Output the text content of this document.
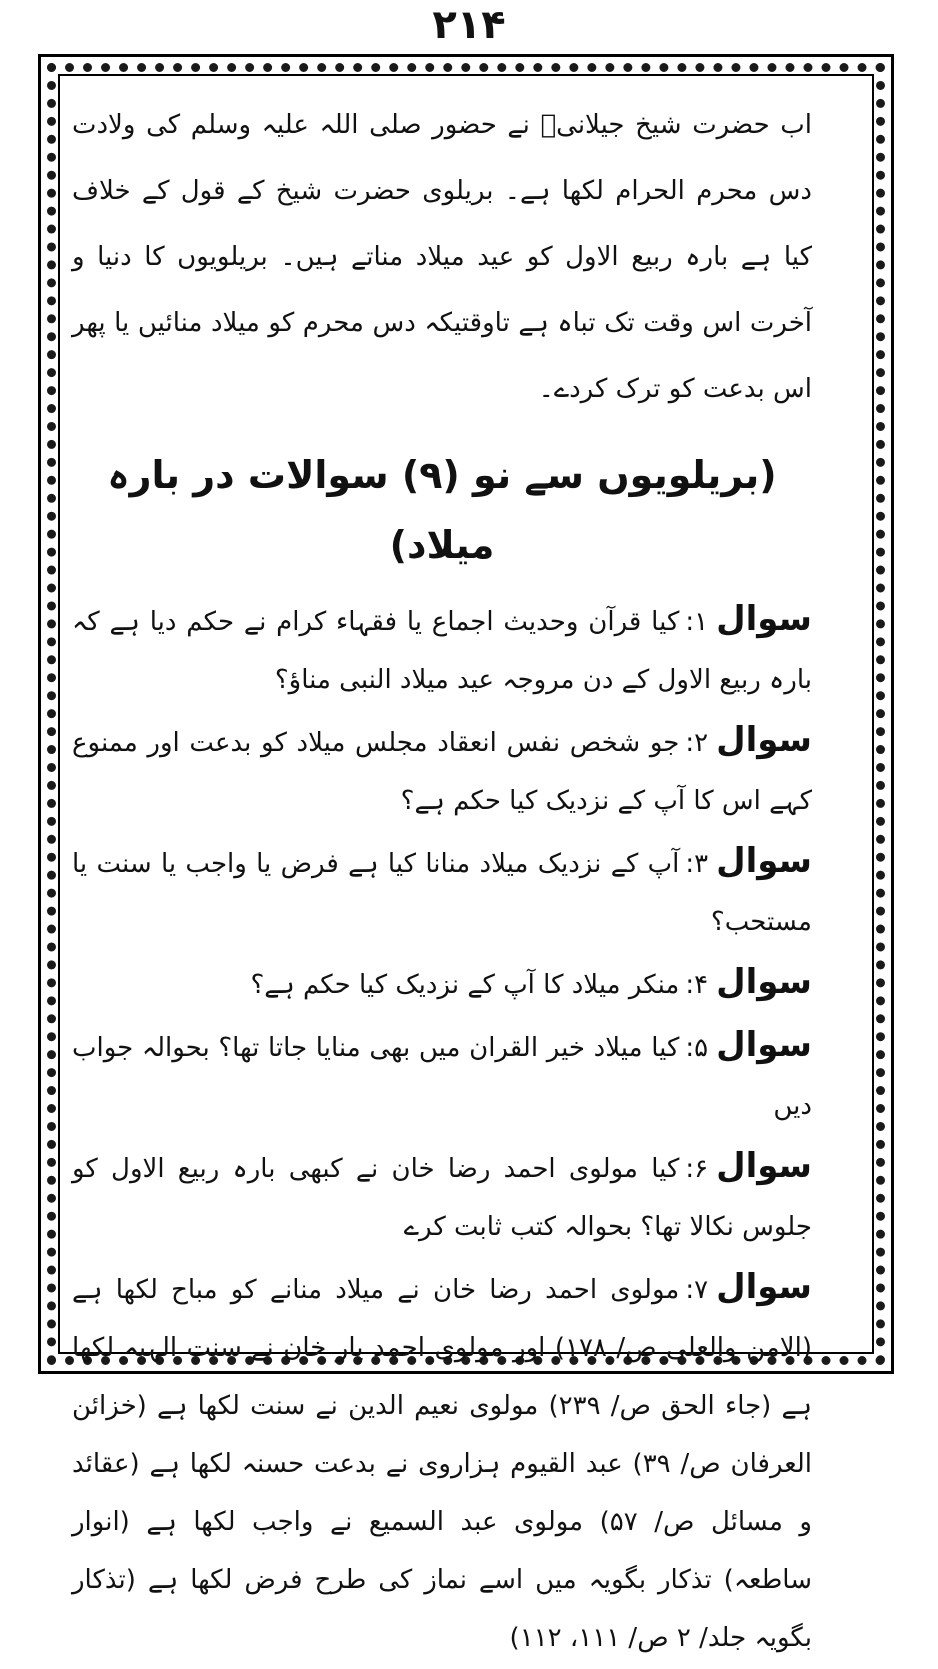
۲۱۴

اب حضرت شیخ جیلانیؒ نے حضور صلی اللہ علیہ وسلم کی ولادت دس محرم الحرام لکھا ہے۔ بریلوی حضرت شیخ کے قول کے خلاف کیا ہے بارہ ربیع الاول کو عید میلاد مناتے ہیں۔ بریلویوں کا دنیا و آخرت اس وقت تک تباہ ہے تاوقتیکہ دس محرم کو میلاد منائیں یا پھر اس بدعت کو ترک کردے۔

(بریلویوں سے نو (۹) سوالات در بارہ میلاد)
سوال۱:کیا قرآن وحدیث اجماع یا فقہاء کرام نے حکم دیا ہے کہ بارہ ربیع الاول کے دن مروجہ عید میلاد النبی مناؤ؟
سوال۲:جو شخص نفس انعقاد مجلس میلاد کو بدعت اور ممنوع کہے اس کا آپ کے نزدیک کیا حکم ہے؟
سوال۳:آپ کے نزدیک میلاد منانا کیا ہے فرض یا واجب یا سنت یا مستحب؟
سوال۴:منکر میلاد کا آپ کے نزدیک کیا حکم ہے؟
سوال۵:کیا میلاد خیر القران میں بھی منایا جاتا تھا؟ بحوالہ جواب دیں
سوال۶:کیا مولوی احمد رضا خان نے کبھی بارہ ربیع الاول کو جلوس نکالا تھا؟ بحوالہ کتب ثابت کرے
سوال۷:مولوی احمد رضا خان نے میلاد منانے کو مباح لکھا ہے (الامن والعلی ص/ ۱۷۸) اور مولوی احمد یار خان نے سنت الہیہ لکھا ہے (جاء الحق ص/ ۲۳۹) مولوی نعیم الدین نے سنت لکھا ہے (خزائن العرفان ص/ ۳۹) عبد القیوم ہزاروی نے بدعت حسنہ لکھا ہے (عقائد و مسائل ص/ ۵۷) مولوی عبد السمیع نے واجب لکھا ہے (انوار ساطعہ) تذکار بگویہ میں اسے نماز کی طرح فرض لکھا ہے (تذکار بگویہ جلد/ ۲ ص/ ۱۱۱، ۱۱۲)
